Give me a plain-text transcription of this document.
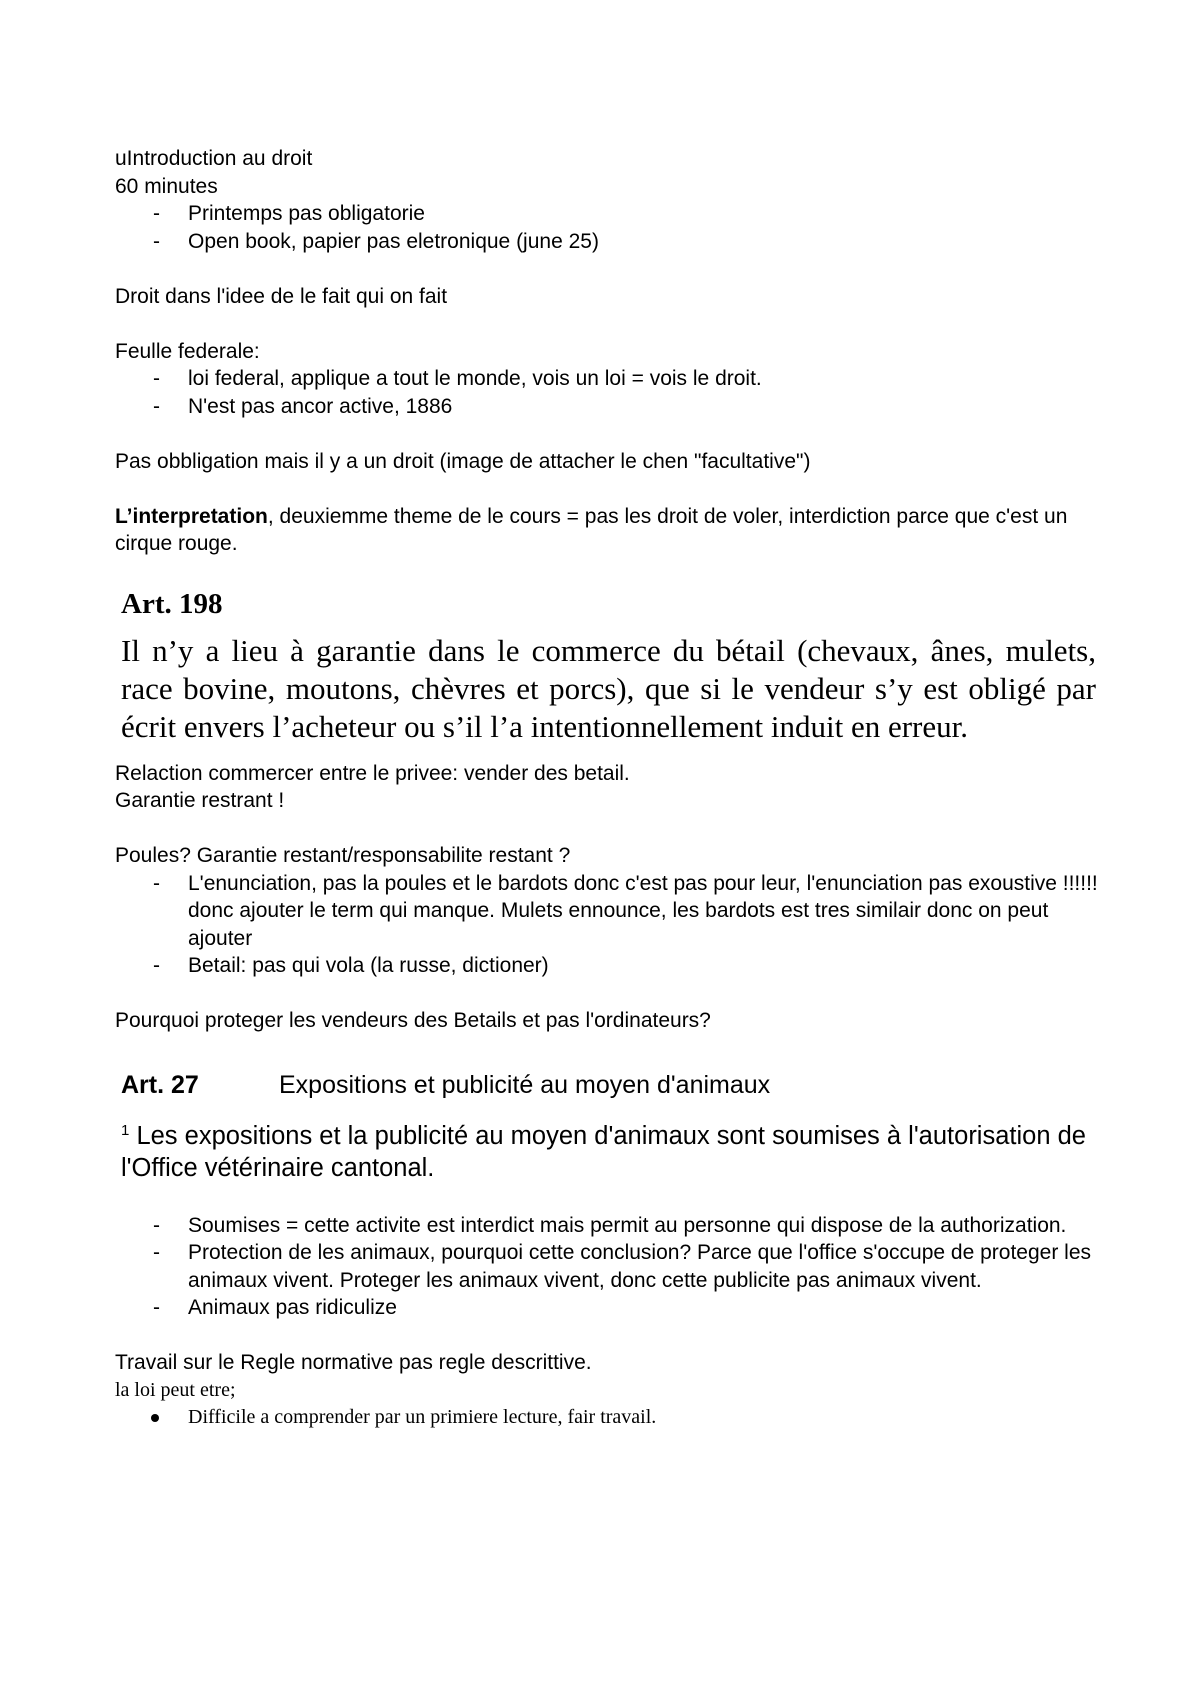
uIntroduction au droit

60 minutes

- Printemps pas obligatorie
- Open book, papier pas eletronique (june 25)

Droit dans l'idee de le fait qui on fait

Feulle federale:

- loi federal, applique a tout le monde, vois un loi = vois le droit.
- N'est pas ancor active, 1886

Pas obbligation mais il y a un droit (image de attacher le chen "facultative")

L’interpretation, deuxiemme theme de le cours = pas les droit de voler, interdiction parce que c'est un cirque rouge.

Art. 198
Il n’y a lieu à garantie dans le commerce du bétail (chevaux, ânes, mulets, race bovine, moutons, chèvres et porcs), que si le vendeur s’y est obligé par écrit envers l’acheteur ou s’il l’a intentionnellement induit en erreur.

Relaction commercer entre le privee: vender des betail.

Garantie restrant !

Poules? Garantie restant/responsabilite restant ?

- L'enunciation, pas la poules et le bardots donc c'est pas pour leur, l'enunciation pas exoustive !!!!!! donc ajouter le term qui manque. Mulets ennounce, les bardots est tres similair donc on peut ajouter
- Betail: pas qui vola (la russe, dictioner)

Pourquoi proteger les vendeurs des Betails et pas l'ordinateurs?

Art. 27	Expositions et publicité au moyen d'animaux
$^1$ Les expositions et la publicité au moyen d'animaux sont soumises à l'autorisation de l'Office vétérinaire cantonal.
- Soumises = cette activite est interdict mais permit au personne qui dispose de la authorization.
- Protection de les animaux, pourquoi cette conclusion? Parce que l'office s'occupe de proteger les animaux vivent. Proteger les animaux vivent, donc cette publicite pas animaux vivent.
- Animaux pas ridiculize

Travail sur le Regle normative pas regle descrittive.

la loi peut etre;

Difficile a comprender par un primiere lecture, fair travail.
